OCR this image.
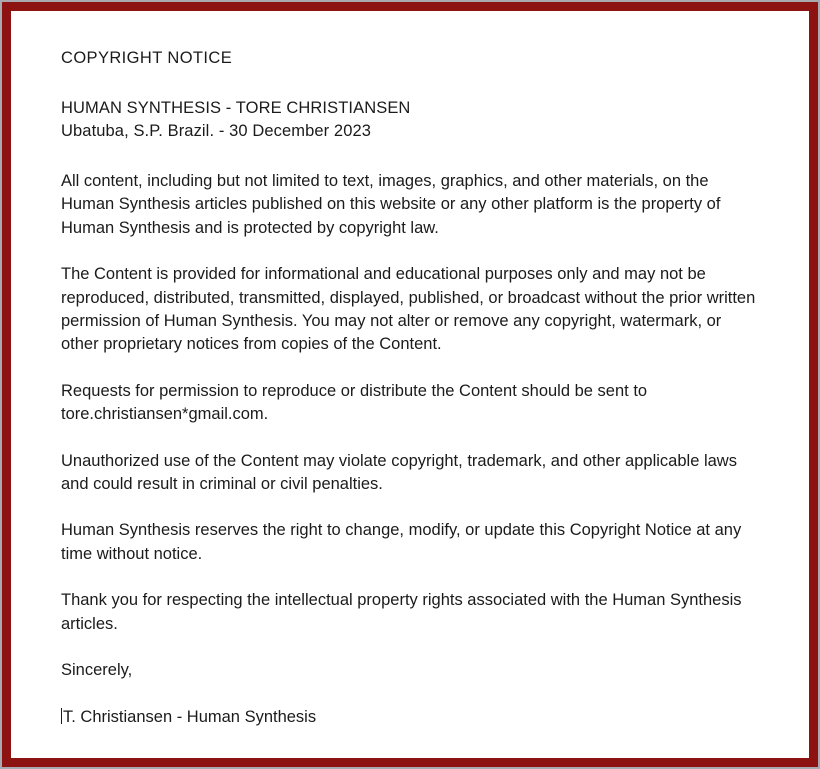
COPYRIGHT NOTICE
HUMAN SYNTHESIS - TORE CHRISTIANSEN
Ubatuba, S.P. Brazil. - 30 December 2023

All content, including but not limited to text, images, graphics, and other materials, on the Human Synthesis articles published on this website or any other platform is the property of Human Synthesis and is protected by copyright law.

The Content is provided for informational and educational purposes only and may not be reproduced, distributed, transmitted, displayed, published, or broadcast without the prior written permission of Human Synthesis. You may not alter or remove any copyright, watermark, or other proprietary notices from copies of the Content.

Requests for permission to reproduce or distribute the Content should be sent to tore.christiansen*gmail.com.

Unauthorized use of the Content may violate copyright, trademark, and other applicable laws and could result in criminal or civil penalties.

Human Synthesis reserves the right to change, modify, or update this Copyright Notice at any time without notice.

Thank you for respecting the intellectual property rights associated with the Human Synthesis articles.

Sincerely,

T. Christiansen - Human Synthesis
